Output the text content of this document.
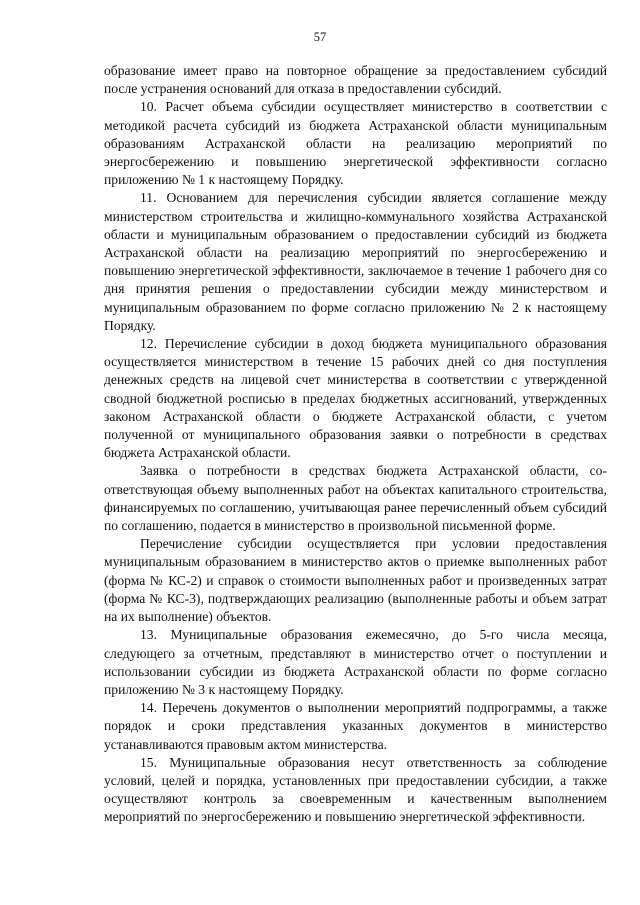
57

образование имеет право на повторное обращение за предоставлением субсидий после устранения оснований для отказа в предоставлении субсидий.

10. Расчет объема субсидии осуществляет министерство в соответствии с методикой расчета субсидий из бюджета Астраханской области муниципальным образованиям Астраханской области на реализацию мероприятий по энергосбережению и повышению энергетической эффективности согласно приложению № 1 к настоящему Порядку.

11. Основанием для перечисления субсидии является соглашение между министерством строительства и жилищно-коммунального хозяйства Астраханской области и муниципальным образованием о предоставлении субсидий из бюджета Астраханской области на реализацию мероприятий по энергосбережению и повышению энергетической эффективности, заключаемое в течение 1 рабочего дня со дня принятия решения о предоставлении субсидии между министерством и муниципальным образованием по форме согласно приложению № 2 к настоящему Порядку.

12. Перечисление субсидии в доход бюджета муниципального образования осуществляется министерством в течение 15 рабочих дней со дня поступления денежных средств на лицевой счет министерства в соответствии с утвержденной сводной бюджетной росписью в пределах бюджетных ассигнований, утвержденных законом Астраханской области о бюджете Астраханской области, с учетом полученной от муниципального образования заявки о потребности в средствах бюджета Астраханской области.

Заявка о потребности в средствах бюджета Астраханской области, соответствующая объему выполненных работ на объектах капитального строительства, финансируемых по соглашению, учитывающая ранее перечисленный объем субсидий по соглашению, подается в министерство в произвольной письменной форме.

Перечисление субсидии осуществляется при условии предоставления муниципальным образованием в министерство актов о приемке выполненных работ (форма № КС-2) и справок о стоимости выполненных работ и произведенных затрат (форма № КС-3), подтверждающих реализацию (выполненные работы и объем затрат на их выполнение) объектов.

13. Муниципальные образования ежемесячно, до 5-го числа месяца, следующего за отчетным, представляют в министерство отчет о поступлении и использовании субсидии из бюджета Астраханской области по форме согласно приложению № 3 к настоящему Порядку.

14. Перечень документов о выполнении мероприятий подпрограммы, а также порядок и сроки представления указанных документов в министерство устанавливаются правовым актом министерства.

15. Муниципальные образования несут ответственность за соблюдение условий, целей и порядка, установленных при предоставлении субсидии, а также осуществляют контроль за своевременным и качественным выполнением мероприятий по энергосбережению и повышению энергетической эффективности.
